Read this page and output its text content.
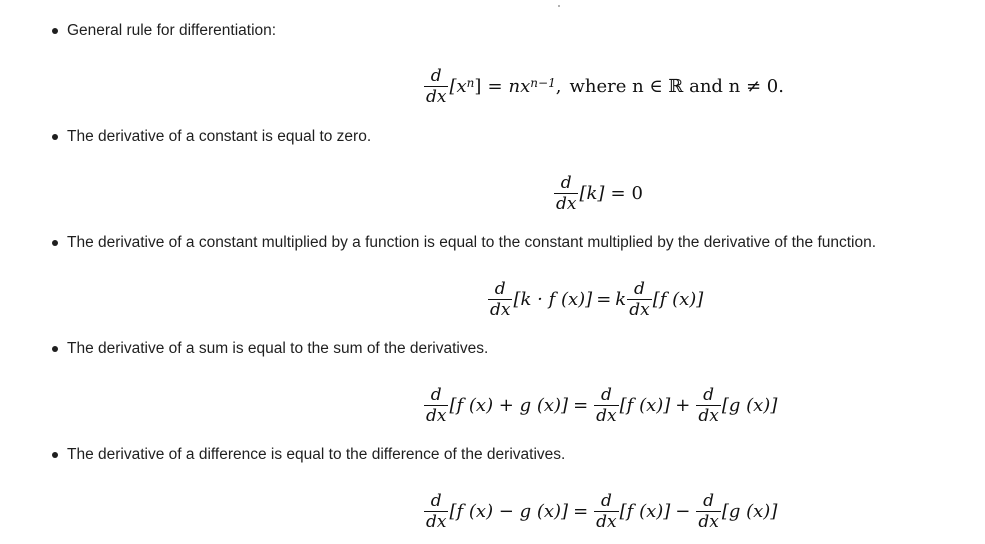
General rule for differentiation:
$\frac{d}{dx} [x^n$ ] = $nx^{n-1}$ , where n ∈ ℝ and n ≠ 0.
The derivative of a constant is equal to zero.
$\frac{d}{dx} [k] = 0$
The derivative of a constant multiplied by a function is equal to the constant multiplied by the derivative of the function.
$\frac{d}{dx} [k \cdot f$ (x)] = k $\frac{d}{dx} [f$ (x)]
The derivative of a sum is equal to the sum of the derivatives.
$\frac{d}{dx} [f$ (x) + g $(x)] = \frac{d}{dx} [f$ $(x)] + \frac{d}{dx} [g$ (x)]
The derivative of a difference is equal to the difference of the derivatives.
$\frac{d}{dx} [f$ (x) − g $(x)] = \frac{d}{dx} [f$ $(x)] - \frac{d}{dx} [g$ (x)]
